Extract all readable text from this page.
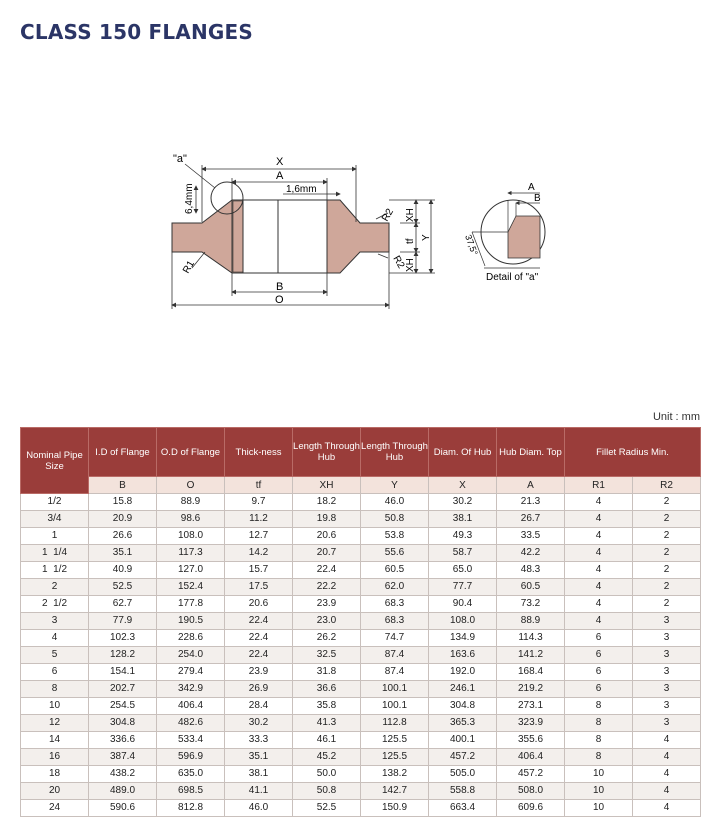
CLASS 150 FLANGES
"a"	X
A
1,6mm
6,4mm
R2
R2
R1
XH
tf
XH
Y
B
O
A
B
37,5°
Detail of "a"
Unit : mm
Nominal Pipe Size	I.D of Flange	O.D of Flange	Thick-ness	Length Through Hub	Length Through Hub	Diam. Of Hub	Hub Diam. Top	Fillet Radius Min.	
	B	O	tf	XH	Y	X	A	R1	R2
1/2	15.8	88.9	9.7	18.2	46.0	30.2	21.3	4	2
3/4	20.9	98.6	11.2	19.8	50.8	38.1	26.7	4	2
1	26.6	108.0	12.7	20.6	53.8	49.3	33.5	4	2
1  1/4	35.1	117.3	14.2	20.7	55.6	58.7	42.2	4	2
1  1/2	40.9	127.0	15.7	22.4	60.5	65.0	48.3	4	2
2	52.5	152.4	17.5	22.2	62.0	77.7	60.5	4	2
2  1/2	62.7	177.8	20.6	23.9	68.3	90.4	73.2	4	2
3	77.9	190.5	22.4	23.0	68.3	108.0	88.9	4	3
4	102.3	228.6	22.4	26.2	74.7	134.9	114.3	6	3
5	128.2	254.0	22.4	32.5	87.4	163.6	141.2	6	3
6	154.1	279.4	23.9	31.8	87.4	192.0	168.4	6	3
8	202.7	342.9	26.9	36.6	100.1	246.1	219.2	6	3
10	254.5	406.4	28.4	35.8	100.1	304.8	273.1	8	3
12	304.8	482.6	30.2	41.3	112.8	365.3	323.9	8	3
14	336.6	533.4	33.3	46.1	125.5	400.1	355.6	8	4
16	387.4	596.9	35.1	45.2	125.5	457.2	406.4	8	4
18	438.2	635.0	38.1	50.0	138.2	505.0	457.2	10	4
20	489.0	698.5	41.1	50.8	142.7	558.8	508.0	10	4
24	590.6	812.8	46.0	52.5	150.9	663.4	609.6	10	4
